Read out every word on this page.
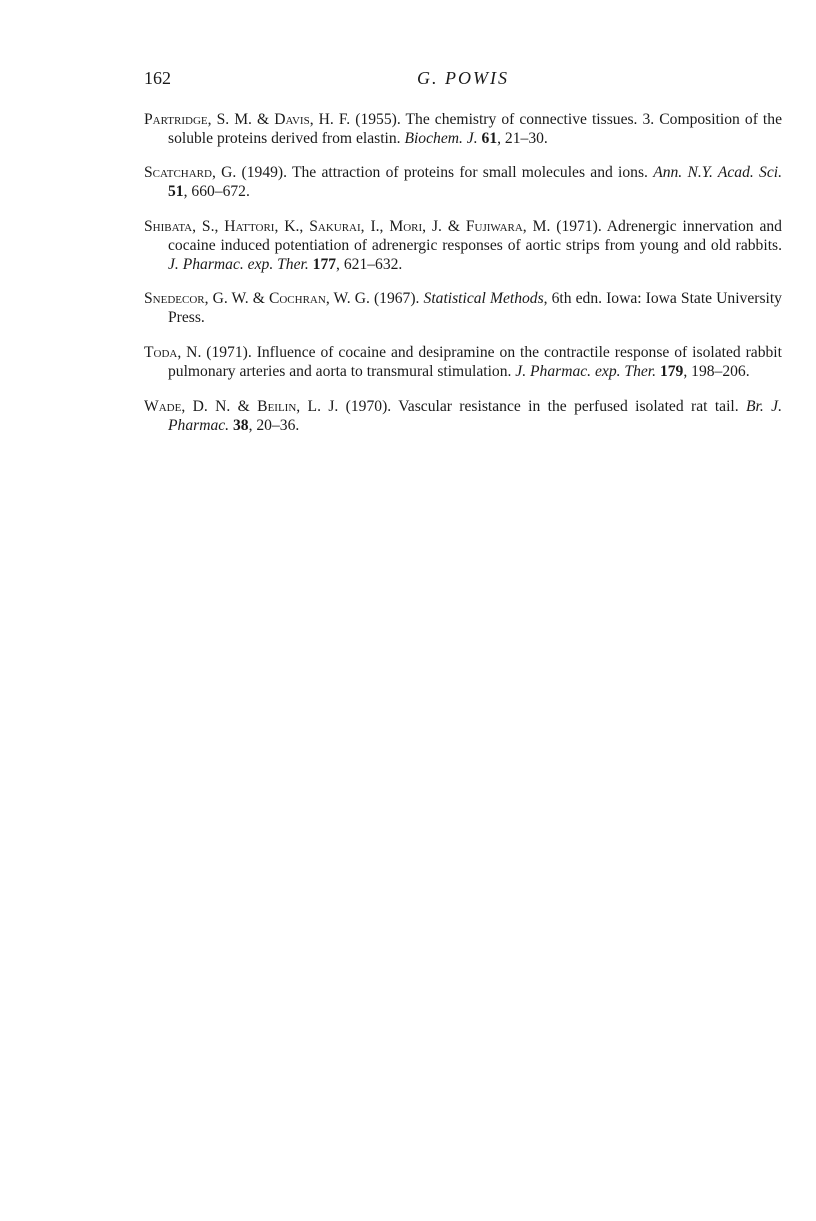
162	G. POWIS

Partridge, S. M. & Davis, H. F. (1955). The chemistry of connective tissues. 3. Composition of the soluble proteins derived from elastin. Biochem. J. 61, 21–30.

Scatchard, G. (1949). The attraction of proteins for small molecules and ions. Ann. N.Y. Acad. Sci. 51, 660–672.

Shibata, S., Hattori, K., Sakurai, I., Mori, J. & Fujiwara, M. (1971). Adrenergic innervation and cocaine induced potentiation of adrenergic responses of aortic strips from young and old rabbits. J. Pharmac. exp. Ther. 177, 621–632.

Snedecor, G. W. & Cochran, W. G. (1967). Statistical Methods, 6th edn. Iowa: Iowa State University Press.

Toda, N. (1971). Influence of cocaine and desipramine on the contractile response of isolated rabbit pulmonary arteries and aorta to transmural stimulation. J. Pharmac. exp. Ther. 179, 198–206.

Wade, D. N. & Beilin, L. J. (1970). Vascular resistance in the perfused isolated rat tail. Br. J. Pharmac. 38, 20–36.
